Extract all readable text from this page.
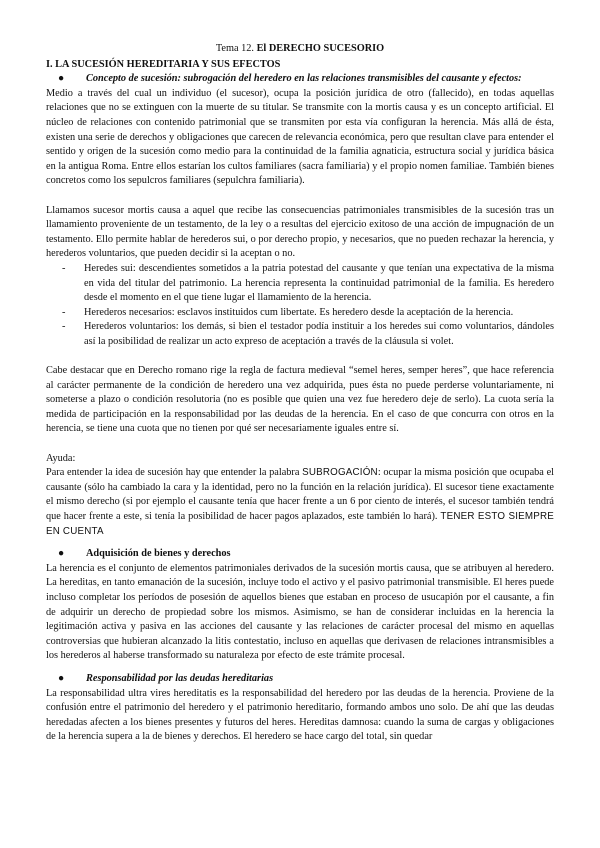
Tema 12. El DERECHO SUCESORIO
I. LA SUCESIÓN HEREDITARIA Y SUS EFECTOS
●	Concepto de sucesión: subrogación del heredero en las relaciones transmisibles del causante y efectos:

Medio a través del cual un individuo (el sucesor), ocupa la posición jurídica de otro (fallecido), en todas aquellas relaciones que no se extinguen con la muerte de su titular. Se transmite con la mortis causa y es un concepto artificial. El núcleo de relaciones con contenido patrimonial que se transmiten por esta vía configuran la herencia. Más allá de ésta, existen una serie de derechos y obligaciones que carecen de relevancia económica, pero que resultan clave para entender el sentido y origen de la sucesión como medio para la continuidad de la familia agnaticia, estructura social y jurídica básica en la antigua Roma. Entre ellos estarían los cultos familiares (sacra familiaria) y el propio nomen familiae. También bienes concretos como los sepulcros familiares (sepulchra familiaria).

Llamamos sucesor mortis causa a aquel que recibe las consecuencias patrimoniales transmisibles de la sucesión tras un llamamiento proveniente de un testamento, de la ley o a resultas del ejercicio exitoso de una acción de impugnación de un testamento. Ello permite hablar de herederos sui, o por derecho propio, y necesarios, que no pueden rechazar la herencia, y herederos voluntarios, que pueden decidir si la aceptan o no.

-	Heredes sui: descendientes sometidos a la patria potestad del causante y que tenían una expectativa de la misma en vida del titular del patrimonio. La herencia representa la continuidad patrimonial de la familia. Es heredero desde el momento en el que tiene lugar el llamamiento de la herencia.
-	Herederos necesarios: esclavos instituidos cum libertate. Es heredero desde la aceptación de la herencia.
-	Herederos voluntarios: los demás, si bien el testador podía instituir a los heredes sui como voluntarios, dándoles así la posibilidad de realizar un acto expreso de aceptación a través de la cláusula si volet.

Cabe destacar que en Derecho romano rige la regla de factura medieval “semel heres, semper heres”, que hace referencia al carácter permanente de la condición de heredero una vez adquirida, pues ésta no puede perderse voluntariamente, ni someterse a plazo o condición resolutoria (no es posible que quien una vez fue heredero deje de serlo). La cuota sería la medida de participación en la responsabilidad por las deudas de la herencia. En el caso de que concurra con otros en la herencia, se tiene una cuota que no tienen por qué ser necesariamente iguales entre sí.

Ayuda:

Para entender la idea de sucesión hay que entender la palabra SUBROGACIÓN: ocupar la misma posición que ocupaba el causante (sólo ha cambiado la cara y la identidad, pero no la función en la relación jurídica). El sucesor tiene exactamente el mismo derecho (si por ejemplo el causante tenía que hacer frente a un 6 por ciento de interés, el sucesor también tendrá que hacer frente a este, si tenía la posibilidad de hacer pagos aplazados, este también lo hará). TENER ESTO SIEMPRE EN CUENTA

●	Adquisición de bienes y derechos

La herencia es el conjunto de elementos patrimoniales derivados de la sucesión mortis causa, que se atribuyen al heredero. La hereditas, en tanto emanación de la sucesión, incluye todo el activo y el pasivo patrimonial transmisible. El heres puede incluso completar los períodos de posesión de aquellos bienes que estaban en proceso de usucapión por el causante, a fin de adquirir un derecho de propiedad sobre los mismos. Asimismo, se han de considerar incluidas en la herencia la legitimación activa y pasiva en las acciones del causante y las relaciones de carácter procesal del mismo en aquellas controversias que hubieran alcanzado la litis contestatio, incluso en aquellas que derivasen de relaciones intransmisibles a los herederos al haberse transformado su naturaleza por efecto de este trámite procesal.

●	Responsabilidad por las deudas hereditarias

La responsabilidad ultra vires hereditatis es la responsabilidad del heredero por las deudas de la herencia. Proviene de la confusión entre el patrimonio del heredero y el patrimonio hereditario, formando ambos uno solo. De ahí que las deudas heredadas afecten a los bienes presentes y futuros del heres. Hereditas damnosa: cuando la suma de cargas y obligaciones de la herencia supera a la de bienes y derechos. El heredero se hace cargo del total, sin quedar
